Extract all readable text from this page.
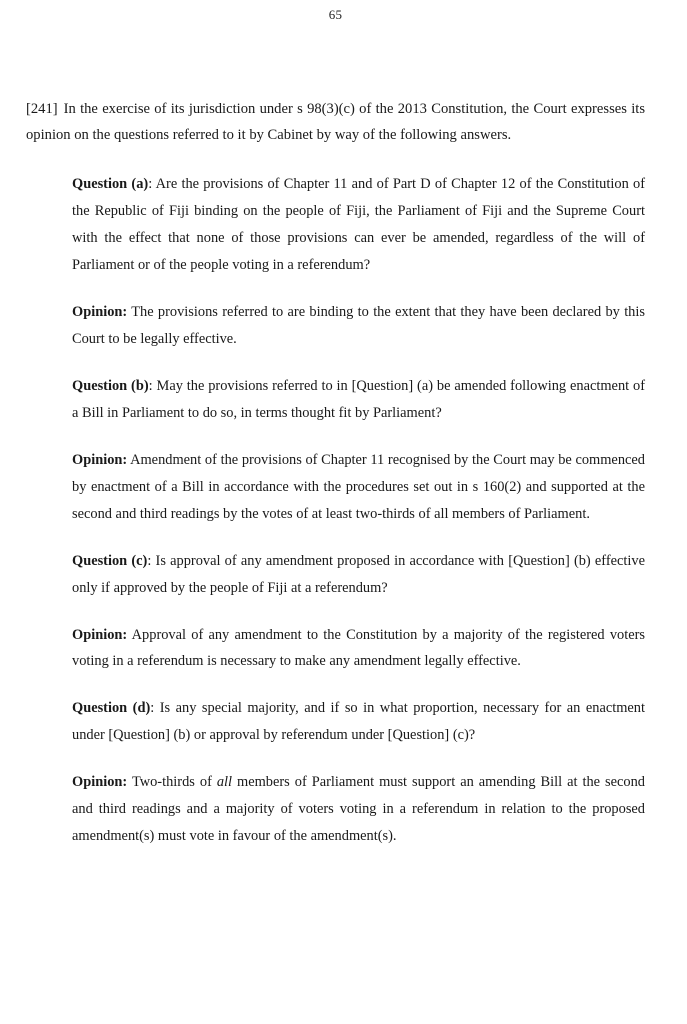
65

[241] In the exercise of its jurisdiction under s 98(3)(c) of the 2013 Constitution, the Court expresses its opinion on the questions referred to it by Cabinet by way of the following answers.

Question (a): Are the provisions of Chapter 11 and of Part D of Chapter 12 of the Constitution of the Republic of Fiji binding on the people of Fiji, the Parliament of Fiji and the Supreme Court with the effect that none of those provisions can ever be amended, regardless of the will of Parliament or of the people voting in a referendum?

Opinion: The provisions referred to are binding to the extent that they have been declared by this Court to be legally effective.

Question (b): May the provisions referred to in [Question] (a) be amended following enactment of a Bill in Parliament to do so, in terms thought fit by Parliament?

Opinion: Amendment of the provisions of Chapter 11 recognised by the Court may be commenced by enactment of a Bill in accordance with the procedures set out in s 160(2) and supported at the second and third readings by the votes of at least two-thirds of all members of Parliament.

Question (c): Is approval of any amendment proposed in accordance with [Question] (b) effective only if approved by the people of Fiji at a referendum?

Opinion: Approval of any amendment to the Constitution by a majority of the registered voters voting in a referendum is necessary to make any amendment legally effective.

Question (d): Is any special majority, and if so in what proportion, necessary for an enactment under [Question] (b) or approval by referendum under [Question] (c)?

Opinion: Two-thirds of all members of Parliament must support an amending Bill at the second and third readings and a majority of voters voting in a referendum in relation to the proposed amendment(s) must vote in favour of the amendment(s).
